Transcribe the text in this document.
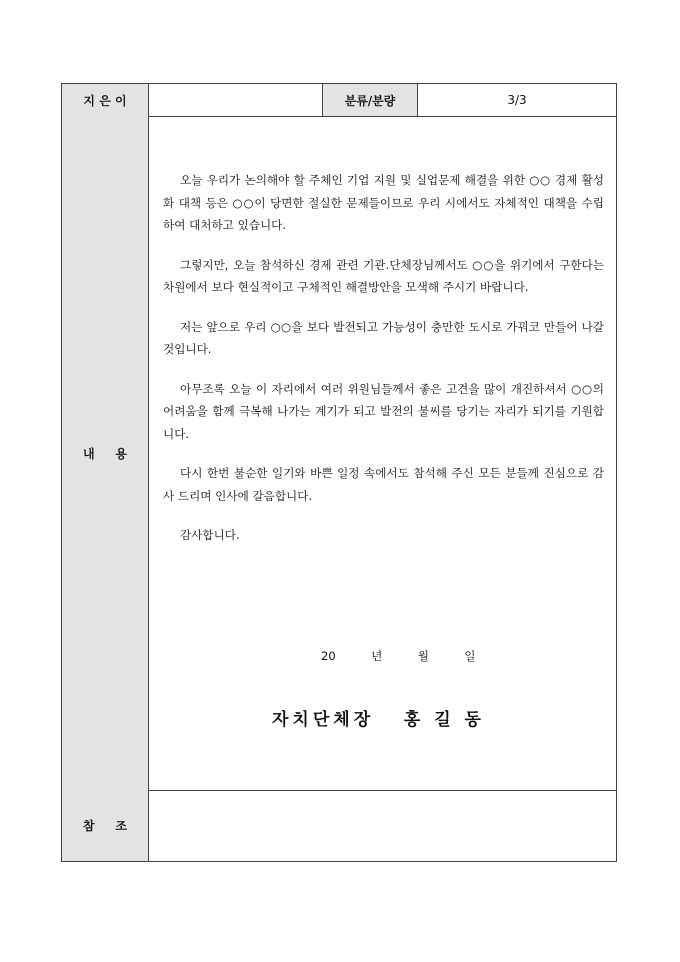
지 은 이	분류/분량	3/3
내     용

오늘 우리가 논의해야 할 주체인 기업 지원 및 실업문제 해결을 위한 ○○ 경제 활성화 대책 등은 ○○이 당면한 절실한 문제들이므로 우리 시에서도 자체적인 대책을 수립하여 대처하고 있습니다.

그렇지만, 오늘 참석하신 경제 관련 기관․단체장님께서도 ○○을 위기에서 구한다는 차원에서 보다 현실적이고 구체적인 해결방안을 모색해 주시기 바랍니다.

저는 앞으로 우리 ○○을 보다 발전되고 가능성이 충만한 도시로 가꿔코 만들어 나갈 것입니다.

아무조록 오늘 이 자리에서 여러 위원님들께서 좋은 고견을 많이 개진하셔서 ○○의 어려움을 함께 극복해 나가는 계기가 되고 발전의 불씨를 당기는 자리가 되기를 기원합니다.

다시 한번 불순한 일기와 바쁜 일정 속에서도 참석해 주신 모든 분들께 진심으로 감사 드리며 인사에 갈음합니다.

감사합니다.

20  년  월  일
자치단체장   홍 길 동
참     조
